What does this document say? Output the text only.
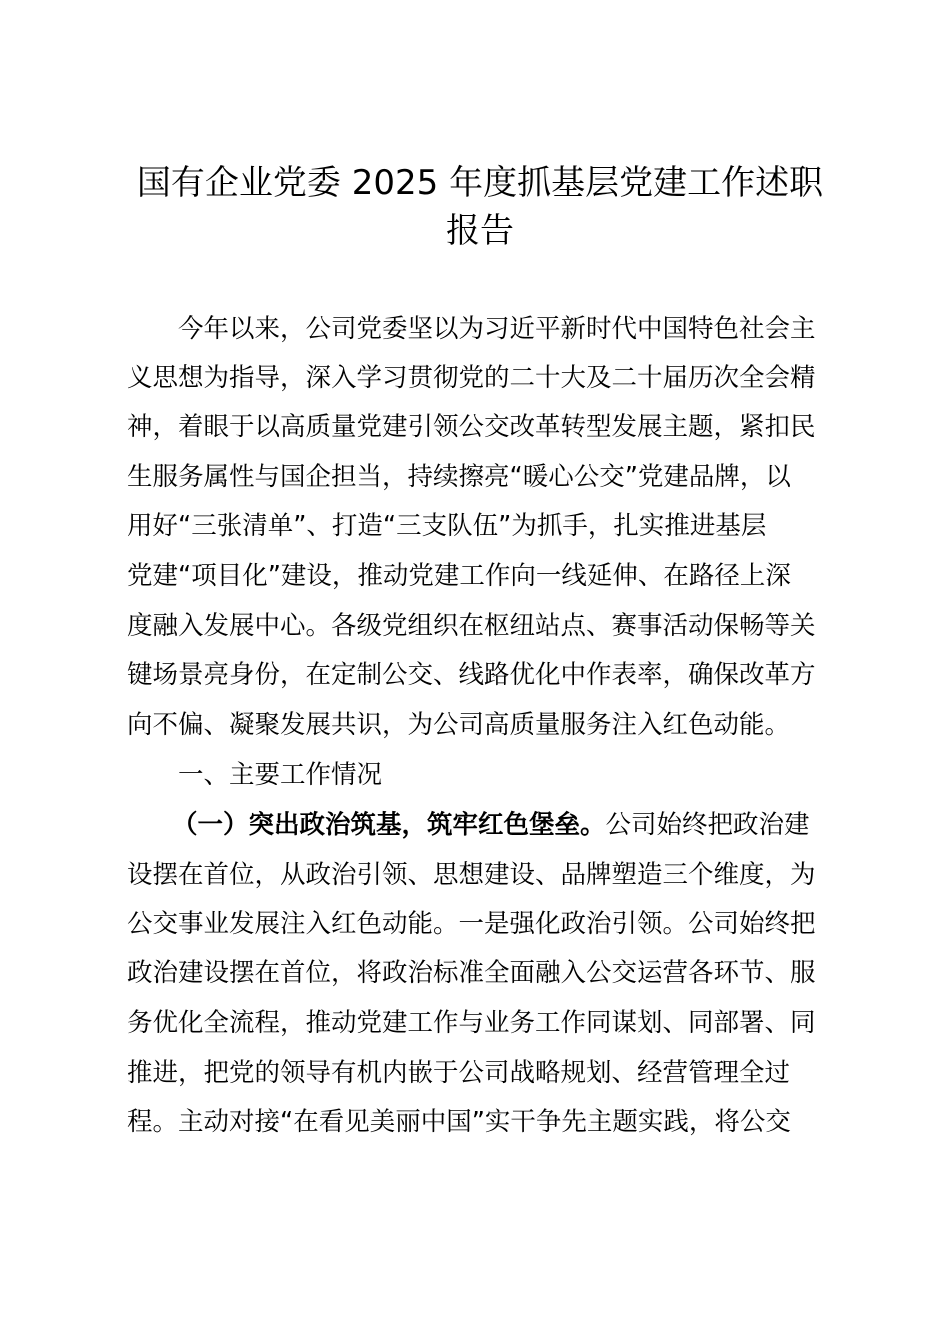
国有企业党委 2025 年度抓基层党建工作述职
报告
今年以来，公司党委坚以为习近平新时代中国特色社会主
义思想为指导，深入学习贯彻党的二十大及二十届历次全会精
神，着眼于以高质量党建引领公交改革转型发展主题，紧扣民
生服务属性与国企担当，持续擦亮“暖心公交”党建品牌，以
用好“三张清单”、打造“三支队伍”为抓手，扎实推进基层
党建“项目化”建设，推动党建工作向一线延伸、在路径上深
度融入发展中心。各级党组织在枢纽站点、赛事活动保畅等关
键场景亮身份，在定制公交、线路优化中作表率，确保改革方
向不偏、凝聚发展共识，为公司高质量服务注入红色动能。
一、主要工作情况
（一）突出政治筑基，筑牢红色堡垒。公司始终把政治建
设摆在首位，从政治引领、思想建设、品牌塑造三个维度，为
公交事业发展注入红色动能。一是强化政治引领。公司始终把
政治建设摆在首位，将政治标准全面融入公交运营各环节、服
务优化全流程，推动党建工作与业务工作同谋划、同部署、同
推进，把党的领导有机内嵌于公司战略规划、经营管理全过
程。主动对接“在看见美丽中国”实干争先主题实践，将公交
